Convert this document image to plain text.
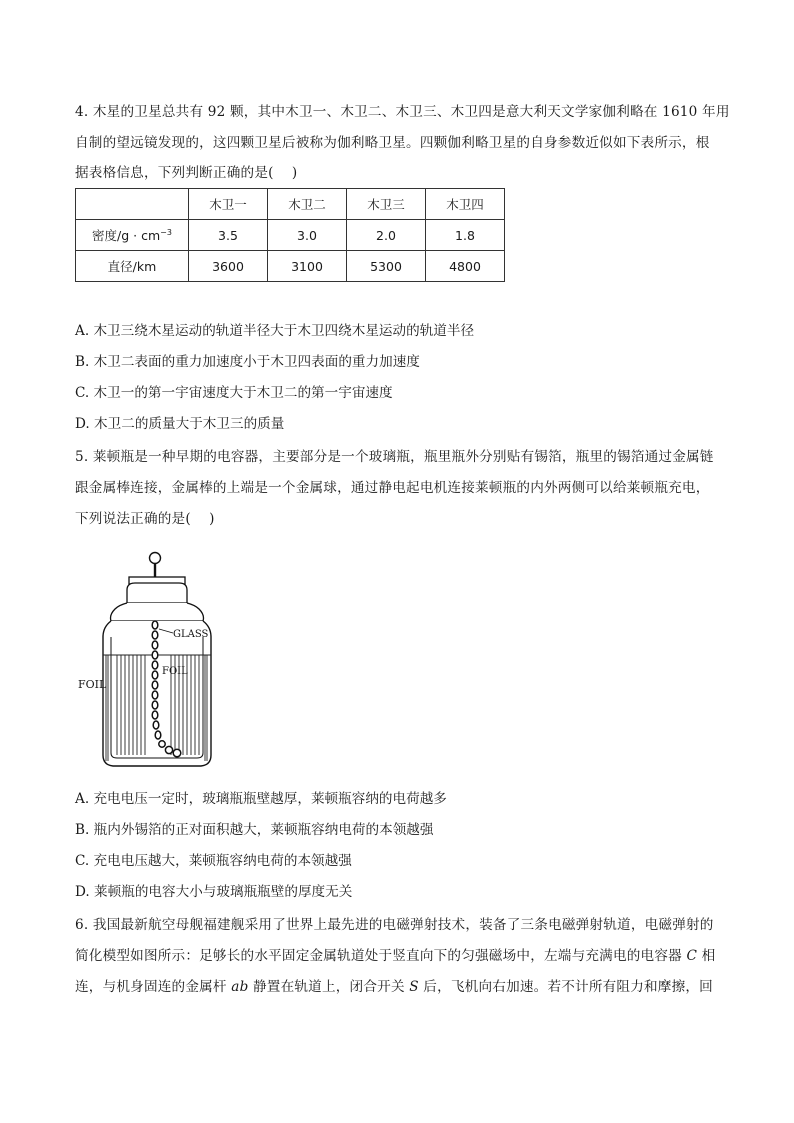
4. 木星的卫星总共有 92 颗，其中木卫一、木卫二、木卫三、木卫四是意大利天文学家伽利略在 1610 年用
自制的望远镜发现的，这四颗卫星后被称为伽利略卫星。四颗伽利略卫星的自身参数近似如下表所示，根
据表格信息，下列判断正确的是(　 )
	木卫一	木卫二	木卫三	木卫四
密度$/g \cdot cm^{-3}$	3.5	3.0	2.0	1.8
直径/km	3600	3100	5300	4800
A. 木卫三绕木星运动的轨道半径大于木卫四绕木星运动的轨道半径
B. 木卫二表面的重力加速度小于木卫四表面的重力加速度
C. 木卫一的第一宇宙速度大于木卫二的第一宇宙速度
D. 木卫二的质量大于木卫三的质量
5. 莱顿瓶是一种早期的电容器，主要部分是一个玻璃瓶，瓶里瓶外分别贴有锡箔，瓶里的锡箔通过金属链
跟金属棒连接，金属棒的上端是一个金属球，通过静电起电机连接莱顿瓶的内外两侧可以给莱顿瓶充电，
下列说法正确的是(　 )
GLASS
FOIL
FOIL
A. 充电电压一定时，玻璃瓶瓶壁越厚，莱顿瓶容纳的电荷越多
B. 瓶内外锡箔的正对面积越大，莱顿瓶容纳电荷的本领越强
C. 充电电压越大，莱顿瓶容纳电荷的本领越强
D. 莱顿瓶的电容大小与玻璃瓶瓶壁的厚度无关
6. 我国最新航空母舰福建舰采用了世界上最先进的电磁弹射技术，装备了三条电磁弹射轨道，电磁弹射的
简化模型如图所示：足够长的水平固定金属轨道处于竖直向下的匀强磁场中，左端与充满电的电容器 C 相
连，与机身固连的金属杆 ab 静置在轨道上，闭合开关 S 后，飞机向右加速。若不计所有阻力和摩擦，回
